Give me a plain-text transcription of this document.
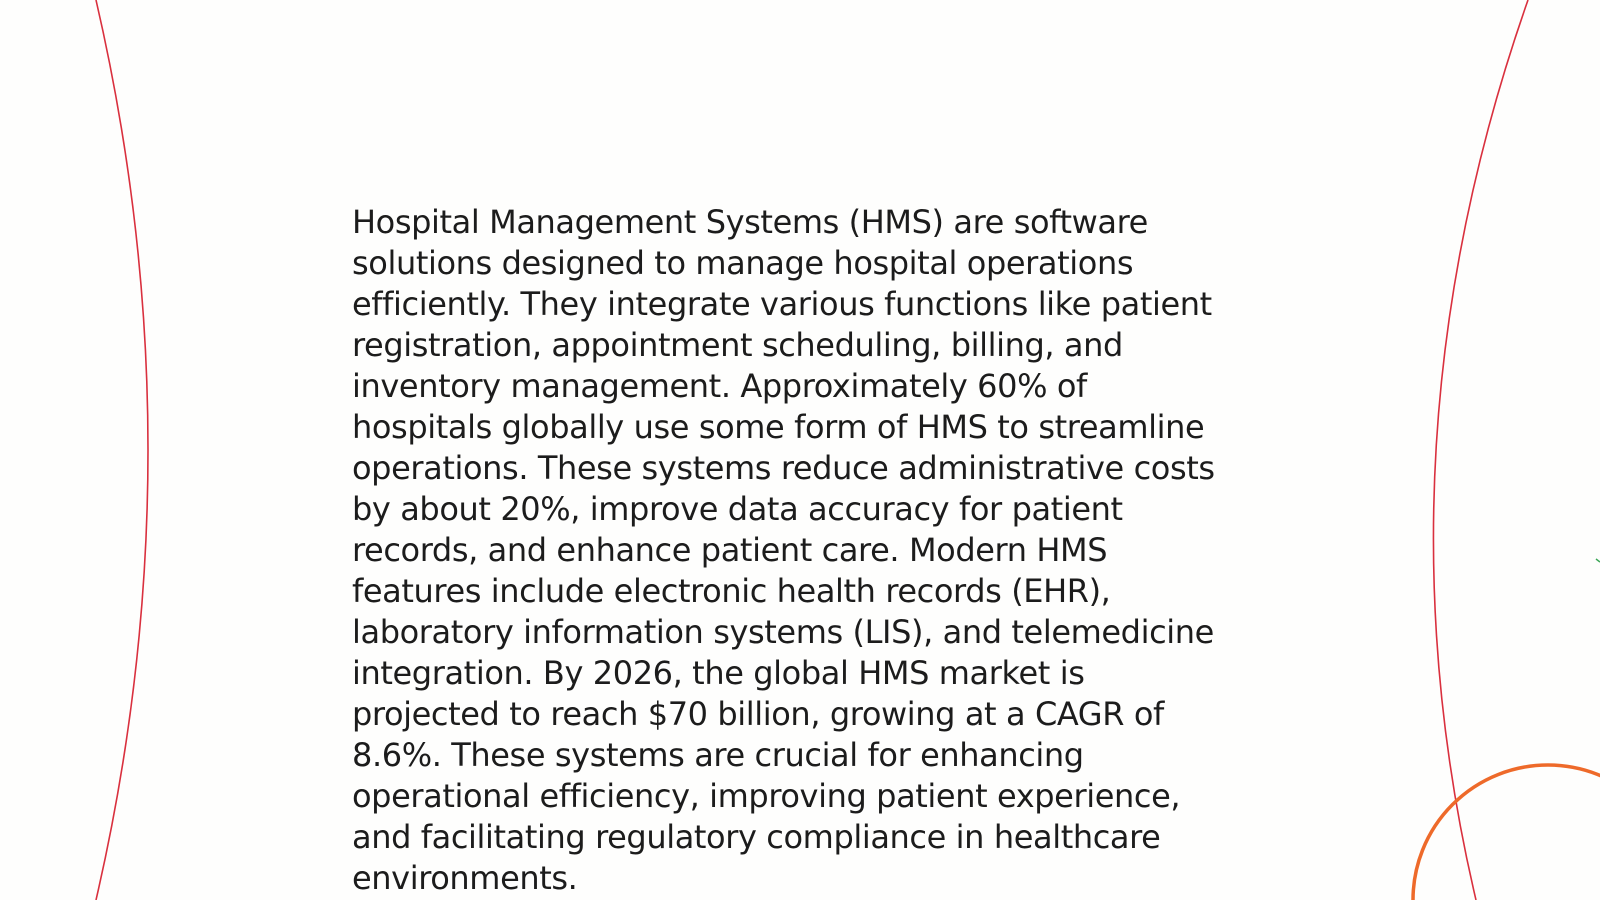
Hospital Management Systems (HMS) are software solutions designed to manage hospital operations efficiently. They integrate various functions like patient registration, appointment scheduling, billing, and inventory management. Approximately 60% of hospitals globally use some form of HMS to streamline operations. These systems reduce administrative costs by about 20%, improve data accuracy for patient records, and enhance patient care. Modern HMS features include electronic health records (EHR), laboratory information systems (LIS), and telemedicine integration. By 2026, the global HMS market is projected to reach $70 billion, growing at a CAGR of 8.6%. These systems are crucial for enhancing operational efficiency, improving patient experience, and facilitating regulatory compliance in healthcare environments.
